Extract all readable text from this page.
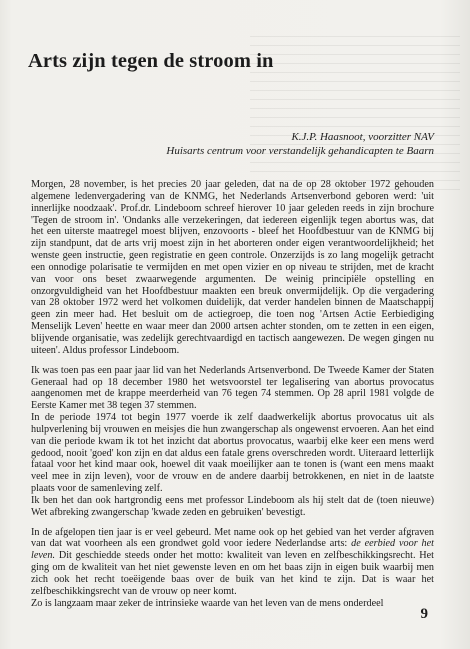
Arts zijn tegen de stroom in
K.J.P. Haasnoot, voorzitter NAV
Huisarts centrum voor verstandelijk gehandicapten te Baarn

Morgen, 28 november, is het precies 20 jaar geleden, dat na de op 28 oktober 1972 gehouden algemene ledenvergadering van de KNMG, het Nederlands Artsenverbond geboren werd: 'uit innerlijke noodzaak'. Prof.dr. Lindeboom schreef hierover 10 jaar geleden reeds in zijn brochure 'Tegen de stroom in'. 'Ondanks alle verzekeringen, dat iedereen eigenlijk tegen abortus was, dat het een uiterste maatregel moest blijven, enzovoorts - bleef het Hoofdbestuur van de KNMG bij zijn standpunt, dat de arts vrij moest zijn in het aborteren onder eigen verantwoordelijkheid; het wenste geen instructie, geen registratie en geen controle. Onzerzijds is zo lang mogelijk getracht een onnodige polarisatie te vermijden en met open vizier en op niveau te strijden, met de kracht van voor ons beset zwaarwegende argumenten. De weinig principiële opstelling en onzorgvuldigheid van het Hoofdbestuur maakten een breuk onvermijdelijk. Op die vergadering van 28 oktober 1972 werd het volkomen duidelijk, dat verder handelen binnen de Maatschappij geen zin meer had. Het besluit om de actiegroep, die toen nog 'Artsen Actie Eerbiediging Menselijk Leven' heette en waar meer dan 2000 artsen achter stonden, om te zetten in een eigen, blijvende organisatie, was zedelijk gerechtvaardigd en tactisch aangewezen. De wegen gingen nu uiteen'. Aldus professor Lindeboom.

Ik was toen pas een paar jaar lid van het Nederlands Artsenverbond. De Tweede Kamer der Staten Generaal had op 18 december 1980 het wetsvoorstel ter legalisering van abortus provocatus aangenomen met de krappe meerderheid van 76 tegen 74 stemmen. Op 28 april 1981 volgde de Eerste Kamer met 38 tegen 37 stemmen.

In de periode 1974 tot begin 1977 voerde ik zelf daadwerkelijk abortus provocatus uit als hulpverlening bij vrouwen en meisjes die hun zwangerschap als ongewenst ervoeren. Aan het eind van die periode kwam ik tot het inzicht dat abortus provocatus, waarbij elke keer een mens werd gedood, nooit 'goed' kon zijn en dat aldus een fatale grens overschreden wordt. Uiteraard letterlijk fataal voor het kind maar ook, hoewel dit vaak moeilijker aan te tonen is (want een mens maakt veel mee in zijn leven), voor de vrouw en de andere daarbij betrokkenen, en niet in de laatste plaats voor de samenleving zelf.

Ik ben het dan ook hartgrondig eens met professor Lindeboom als hij stelt dat de (toen nieuwe) Wet afbreking zwangerschap 'kwade zeden en gebruiken' bevestigt.

In de afgelopen tien jaar is er veel gebeurd. Met name ook op het gebied van het verder afgraven van dat wat voorheen als een grondwet gold voor iedere Nederlandse arts: de eerbied voor het leven. Dit geschiedde steeds onder het motto: kwaliteit van leven en zelfbeschikkingsrecht. Het ging om de kwaliteit van het niet gewenste leven en om het baas zijn in eigen buik waarbij men zich ook het recht toeëigende baas over de buik van het kind te zijn. Dat is waar het zelfbeschikkingsrecht van de vrouw op neer komt.

Zo is langzaam maar zeker de intrinsieke waarde van het leven van de mens onderdeel

9
